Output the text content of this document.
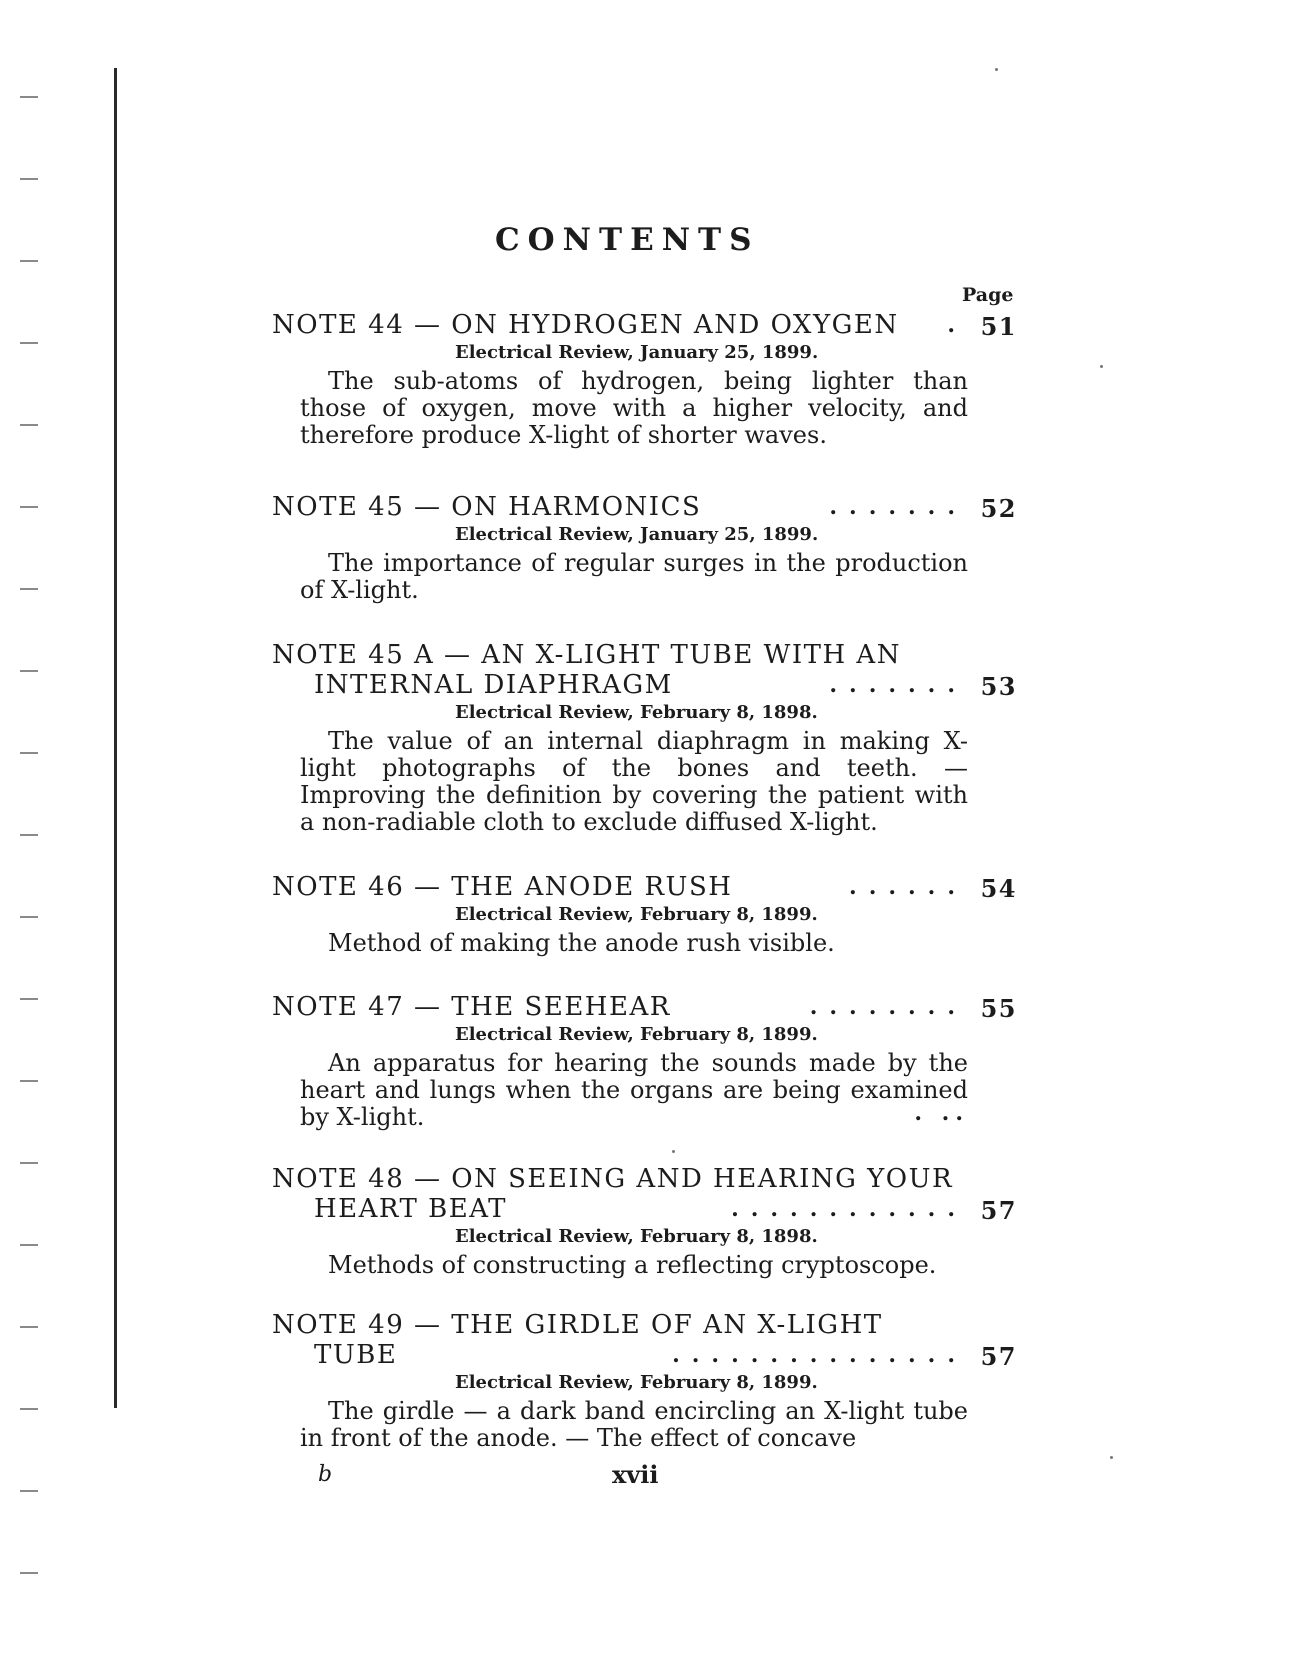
CONTENTS
Page
NOTE 44 — ON HYDROGEN AND OXYGEN . 51
Electrical Review, January 25, 1899.
The sub-atoms of hydrogen, being lighter than those of oxygen, move with a higher velocity, and therefore produce X-light of shorter waves.
NOTE 45 — ON HARMONICS	....... 52
Electrical Review, January 25, 1899.
The importance of regular surges in the production of X-light.
NOTE 45 A — AN X-LIGHT TUBE WITH AN
INTERNAL DIAPHRAGM	....... 53
Electrical Review, February 8, 1898.
The value of an internal diaphragm in making X-light photographs of the bones and teeth. — Improving the definition by covering the patient with a non-radiable cloth to exclude diffused X-light.
NOTE 46 — THE ANODE RUSH	...... 54
Electrical Review, February 8, 1899.
Method of making the anode rush visible.
NOTE 47 — THE SEEHEAR	........ 55
Electrical Review, February 8, 1899.
An apparatus for hearing the sounds made by the heart and lungs when the organs are being examined by X-light.	. ..
NOTE 48 — ON SEEING AND HEARING YOUR
HEART BEAT	............ 57
Electrical Review, February 8, 1898.
Methods of constructing a reflecting cryptoscope.
NOTE 49 — THE GIRDLE OF AN X-LIGHT
TUBE	............... 57
Electrical Review, February 8, 1899.
The girdle — a dark band encircling an X-light tube in front of the anode. — The effect of concave
b	xvii
